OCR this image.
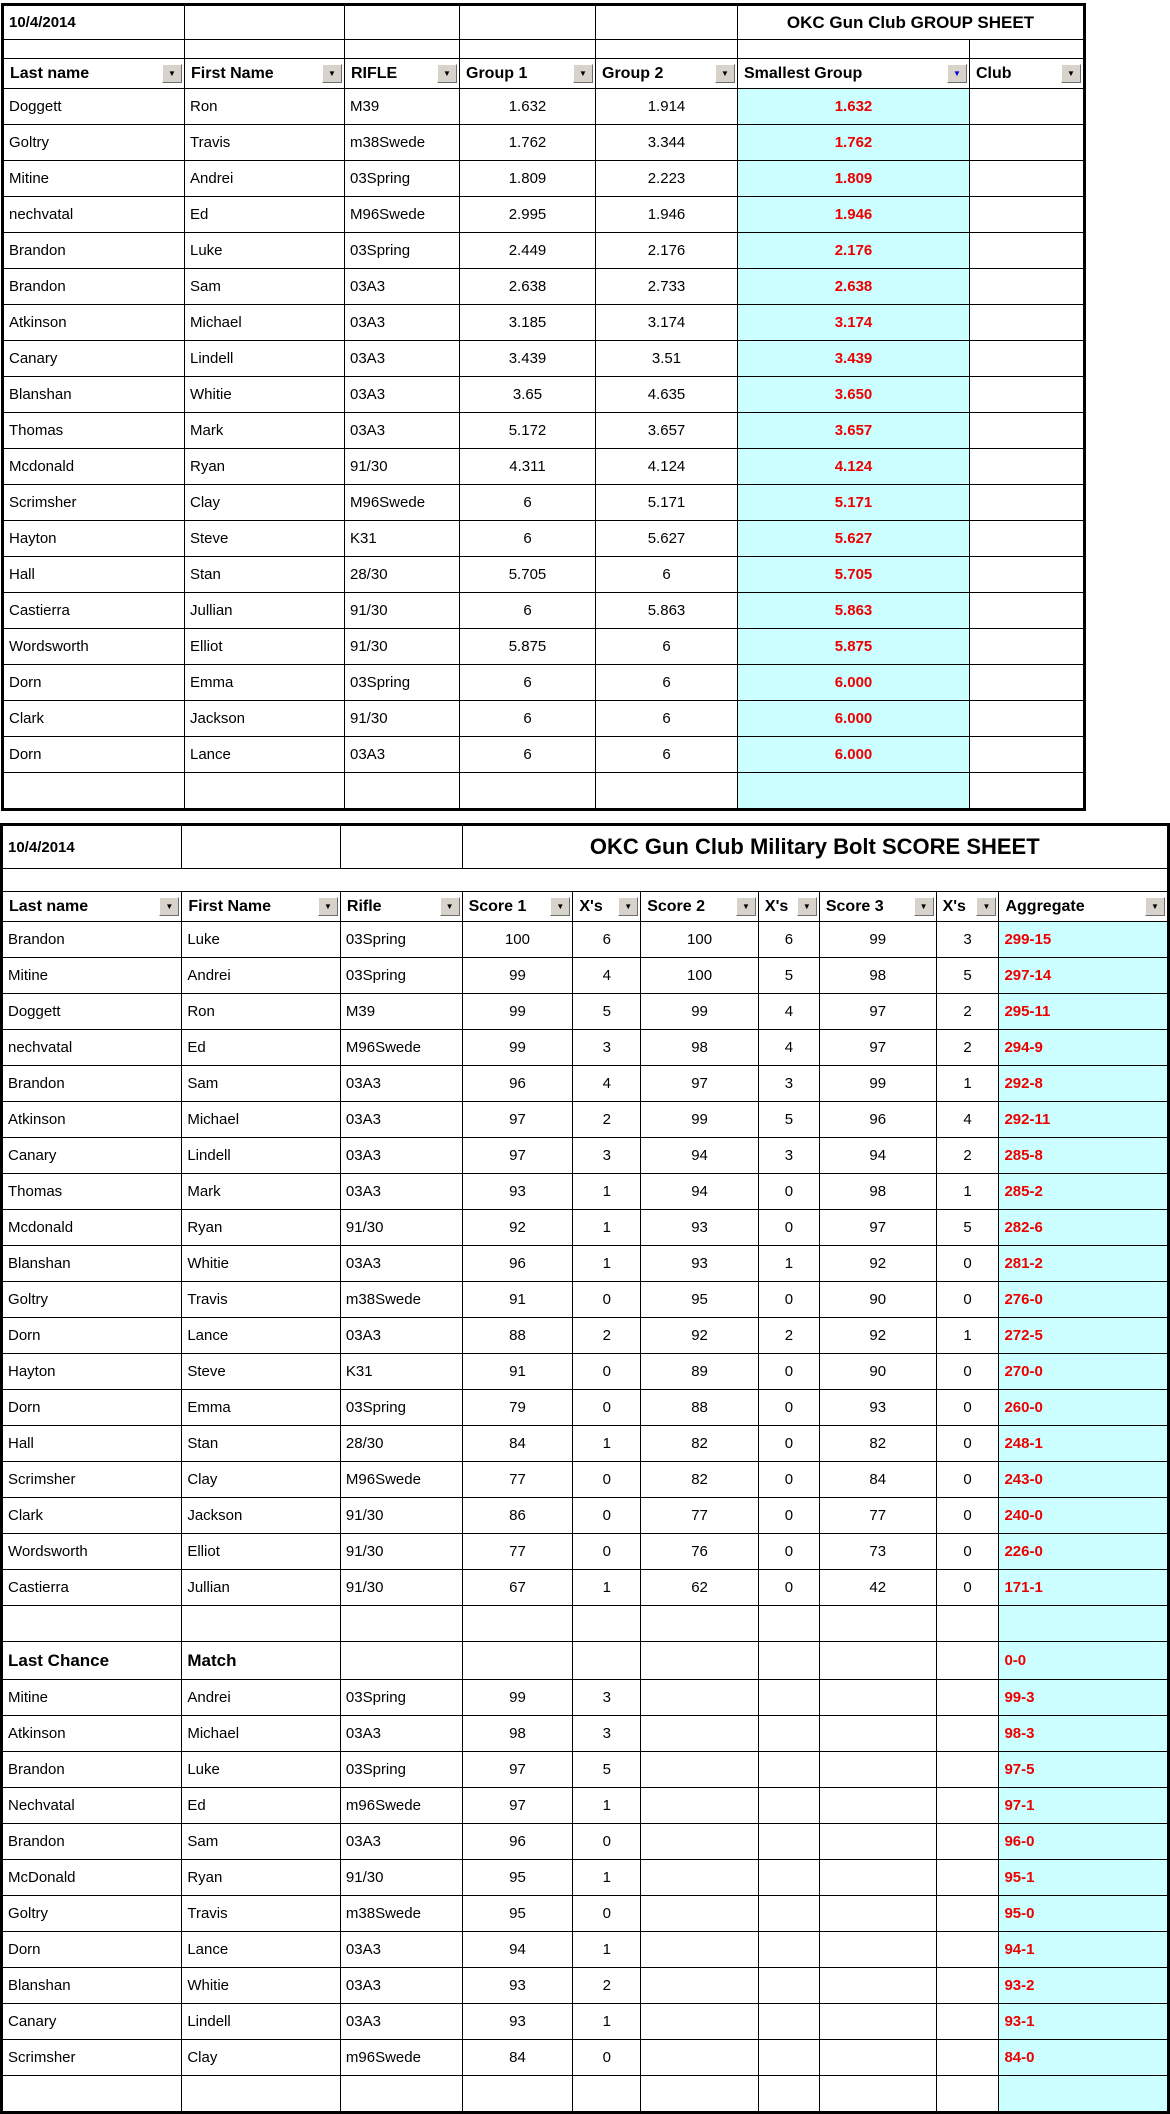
10/4/2014					OKC Gun Club GROUP SHEET	

Last name ▼	First Name ▼	RIFLE ▼	Group 1 ▼	Group 2 ▼	Smallest Group ▼	Club ▼

Doggett	Ron	M39	1.632	1.914	1.632	
Goltry	Travis	m38Swede	1.762	3.344	1.762	
Mitine	Andrei	03Spring	1.809	2.223	1.809	
nechvatal	Ed	M96Swede	2.995	1.946	1.946	
Brandon	Luke	03Spring	2.449	2.176	2.176	
Brandon	Sam	03A3	2.638	2.733	2.638	
Atkinson	Michael	03A3	3.185	3.174	3.174	
Canary	Lindell	03A3	3.439	3.51	3.439	
Blanshan	Whitie	03A3	3.65	4.635	3.650	
Thomas	Mark	03A3	5.172	3.657	3.657	
Mcdonald	Ryan	91/30	4.311	4.124	4.124	
Scrimsher	Clay	M96Swede	6	5.171	5.171	
Hayton	Steve	K31	6	5.627	5.627	
Hall	Stan	28/30	5.705	6	5.705	
Castierra	Jullian	91/30	6	5.863	5.863	
Wordsworth	Elliot	91/30	5.875	6	5.875	
Dorn	Emma	03Spring	6	6	6.000	
Clark	Jackson	91/30	6	6	6.000	
Dorn	Lance	03A3	6	6	6.000	

10/4/2014			OKC Gun Club Military Bolt SCORE SHEET						

Last name ▼	First Name ▼	Rifle ▼	Score 1 ▼	X's ▼	Score 2 ▼	X's ▼	Score 3 ▼	X's ▼	Aggregate ▼

Brandon	Luke	03Spring	100	6	100	6	99	3	299-15
Mitine	Andrei	03Spring	99	4	100	5	98	5	297-14
Doggett	Ron	M39	99	5	99	4	97	2	295-11
nechvatal	Ed	M96Swede	99	3	98	4	97	2	294-9
Brandon	Sam	03A3	96	4	97	3	99	1	292-8
Atkinson	Michael	03A3	97	2	99	5	96	4	292-11
Canary	Lindell	03A3	97	3	94	3	94	2	285-8
Thomas	Mark	03A3	93	1	94	0	98	1	285-2
Mcdonald	Ryan	91/30	92	1	93	0	97	5	282-6
Blanshan	Whitie	03A3	96	1	93	1	92	0	281-2
Goltry	Travis	m38Swede	91	0	95	0	90	0	276-0
Dorn	Lance	03A3	88	2	92	2	92	1	272-5
Hayton	Steve	K31	91	0	89	0	90	0	270-0
Dorn	Emma	03Spring	79	0	88	0	93	0	260-0
Hall	Stan	28/30	84	1	82	0	82	0	248-1
Scrimsher	Clay	M96Swede	77	0	82	0	84	0	243-0
Clark	Jackson	91/30	86	0	77	0	77	0	240-0
Wordsworth	Elliot	91/30	77	0	76	0	73	0	226-0
Castierra	Jullian	91/30	67	1	62	0	42	0	171-1

Last Chance	Match								0-0
Mitine	Andrei	03Spring	99	3					99-3
Atkinson	Michael	03A3	98	3					98-3
Brandon	Luke	03Spring	97	5					97-5
Nechvatal	Ed	m96Swede	97	1					97-1
Brandon	Sam	03A3	96	0					96-0
McDonald	Ryan	91/30	95	1					95-1
Goltry	Travis	m38Swede	95	0					95-0
Dorn	Lance	03A3	94	1					94-1
Blanshan	Whitie	03A3	93	2					93-2
Canary	Lindell	03A3	93	1					93-1
Scrimsher	Clay	m96Swede	84	0					84-0
